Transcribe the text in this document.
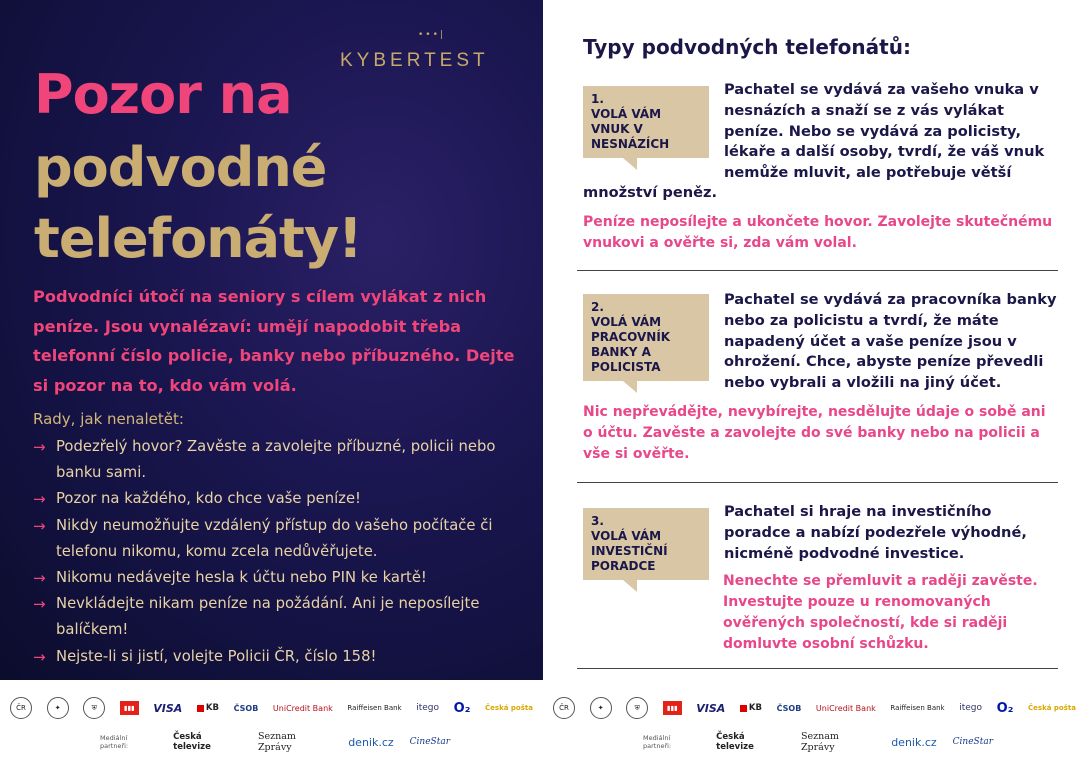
•••|
KYBERTEST
Pozor na
podvodné
telefonáty!

Podvodníci útočí na seniory s cílem vylákat z nich peníze. Jsou vynalézaví: umějí napodobit třeba telefonní číslo policie, banky nebo příbuzného. Dejte si pozor na to, kdo vám volá.

Rady, jak nenaletět:
→ Podezřelý hovor? Zavěste a zavolejte příbuzné, policii nebo banku sami.
→ Pozor na každého, kdo chce vaše peníze!
→ Nikdy neumožňujte vzdálený přístup do vašeho počítače či telefonu nikomu, komu zcela nedůvěřujete.
→ Nikomu nedávejte hesla k účtu nebo PIN ke kartě!
→ Nevkládejte nikam peníze na požádání. Ani je neposílejte balíčkem!
→ Nejste-li si jistí, volejte Policii ČR, číslo 158!
Typy podvodných telefonátů:
1.
VOLÁ VÁM VNUK V NESNÁZÍCH

Pachatel se vydává za vašeho vnuka v nesnázích a snaží se z vás vylákat peníze. Nebo se vydává za policisty, lékaře a další osoby, tvrdí, že váš vnuk nemůže mluvit, ale potřebuje větší

množství peněz.

Peníze neposílejte a ukončete hovor. Zavolejte skutečnému vnukovi a ověřte si, zda vám volal.

2.
VOLÁ VÁM PRACOVNÍK BANKY A POLICISTA

Pachatel se vydává za pracovníka banky nebo za policistu a tvrdí, že máte napadený účet a vaše peníze jsou v ohrožení. Chce, abyste peníze převedli nebo vybrali a vložili na jiný účet.

Nic nepřevádějte, nevybírejte, nesdělujte údaje o sobě ani o účtu. Zavěste a zavolejte do své banky nebo na policii a vše si ověřte.

3.
VOLÁ VÁM INVESTIČNÍ PORADCE

Pachatel si hraje na investičního poradce a nabízí podezřele výhodné, nicméně podvodné investice.

Nenechte se přemluvit a raději zavěste. Investujte pouze u renomovaných ověřených společností, kde si raději domluvte osobní schůzku.

ČR	✦	⛨	▮▮▮	VISA	KB ČSOB UniCredit Bank Raiffeisen Bank itego O₂ Česká pošta
Mediální partneři:
Česká televize
Seznam Zprávy	denik.cz CineStar
ČR	✦	⛨	▮▮▮	VISA	KB ČSOB UniCredit Bank Raiffeisen Bank itego O₂ Česká pošta
Mediální partneři:
Česká televize
Seznam Zprávy	denik.cz CineStar
